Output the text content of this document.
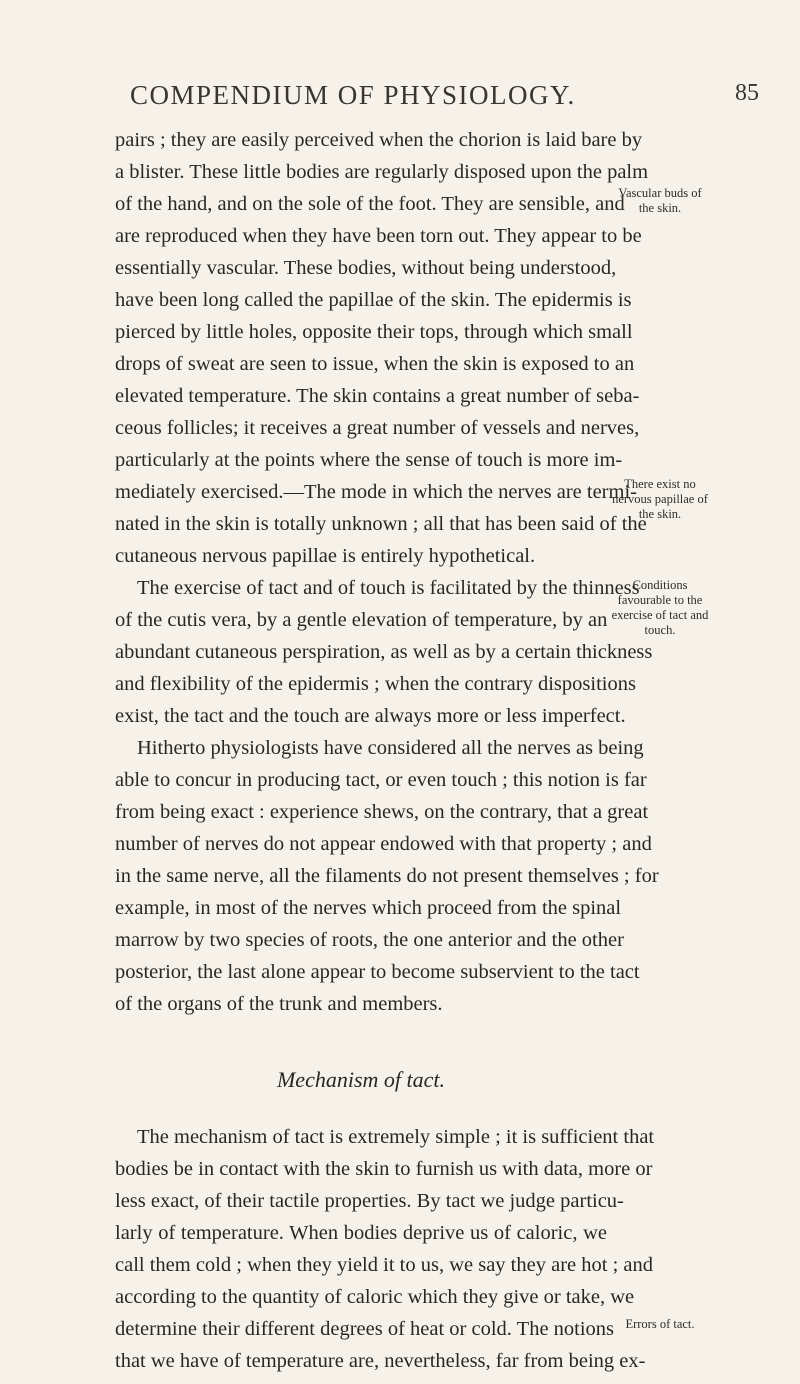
COMPENDIUM OF PHYSIOLOGY.	85
pairs ; they are easily perceived when the chorion is laid bare by
a blister. These little bodies are regularly disposed upon the palm
of the hand, and on the sole of the foot. They are sensible, and
are reproduced when they have been torn out. They appear to be
essentially vascular. These bodies, without being understood,
have been long called the papillae of the skin. The epidermis is
pierced by little holes, opposite their tops, through which small
drops of sweat are seen to issue, when the skin is exposed to an
elevated temperature. The skin contains a great number of seba-
ceous follicles; it receives a great number of vessels and nerves,
particularly at the points where the sense of touch is more im-
mediately exercised.—The mode in which the nerves are termi-
nated in the skin is totally unknown ; all that has been said of the
cutaneous nervous papillae is entirely hypothetical.
The exercise of tact and of touch is facilitated by the thinness
of the cutis vera, by a gentle elevation of temperature, by an
abundant cutaneous perspiration, as well as by a certain thickness
and flexibility of the epidermis ; when the contrary dispositions
exist, the tact and the touch are always more or less imperfect.
Hitherto physiologists have considered all the nerves as being
able to concur in producing tact, or even touch ; this notion is far
from being exact : experience shews, on the contrary, that a great
number of nerves do not appear endowed with that property ; and
in the same nerve, all the filaments do not present themselves ; for
example, in most of the nerves which proceed from the spinal
marrow by two species of roots, the one anterior and the other
posterior, the last alone appear to become subservient to the tact
of the organs of the trunk and members.
Mechanism of tact.
The mechanism of tact is extremely simple ; it is sufficient that
bodies be in contact with the skin to furnish us with data, more or
less exact, of their tactile properties. By tact we judge particu-
larly of temperature. When bodies deprive us of caloric, we
call them cold ; when they yield it to us, we say they are hot ; and
according to the quantity of caloric which they give or take, we
determine their different degrees of heat or cold. The notions
that we have of temperature are, nevertheless, far from being ex-
Vascular buds of the skin.
There exist no nervous papillae of the skin.
Conditions favourable to the exercise of tact and touch.
Errors of tact.
